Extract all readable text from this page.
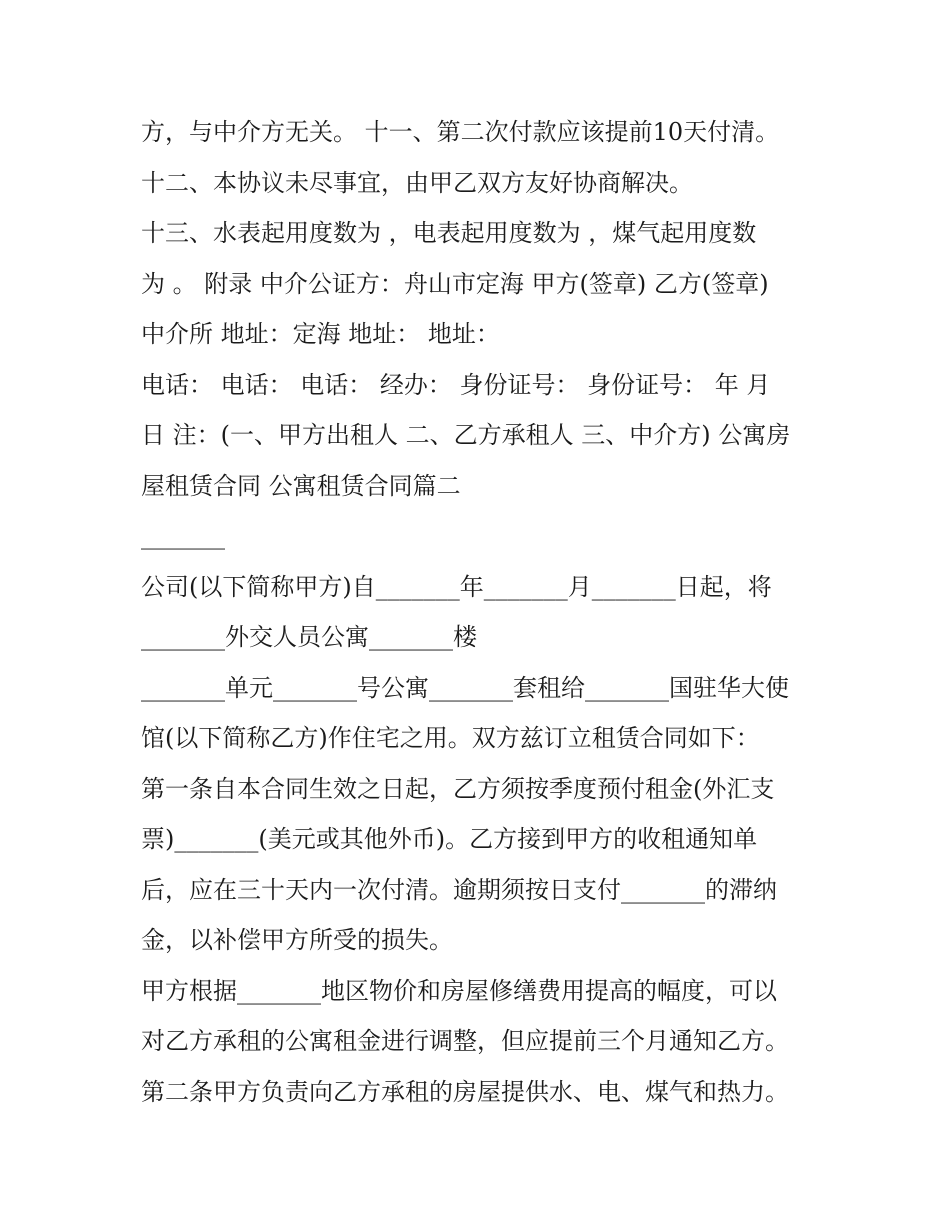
方，与中介方无关。 十一、第二次付款应该提前10天付清。
十二、本协议未尽事宜，由甲乙双方友好协商解决。
十三、水表起用度数为 ，电表起用度数为 ，煤气起用度数
为 。 附录 中介公证方：舟山市定海 甲方(签章) 乙方(签章)
中介所 地址：定海 地址： 地址：
电话： 电话： 电话： 经办： 身份证号： 身份证号： 年 月
日 注：(一、甲方出租人 二、乙方承租人 三、中介方) 公寓房
屋租赁合同 公寓租赁合同篇二
_______
公司(以下简称甲方)自_______年_______月_______日起，将
_______外交人员公寓_______楼
_______单元_______号公寓_______套租给_______国驻华大使
馆(以下简称乙方)作住宅之用。双方兹订立租赁合同如下：
第一条自本合同生效之日起，乙方须按季度预付租金(外汇支
票)_______(美元或其他外币)。乙方接到甲方的收租通知单
后，应在三十天内一次付清。逾期须按日支付_______的滞纳
金，以补偿甲方所受的损失。
甲方根据_______地区物价和房屋修缮费用提高的幅度，可以
对乙方承租的公寓租金进行调整，但应提前三个月通知乙方。
第二条甲方负责向乙方承租的房屋提供水、电、煤气和热力。
